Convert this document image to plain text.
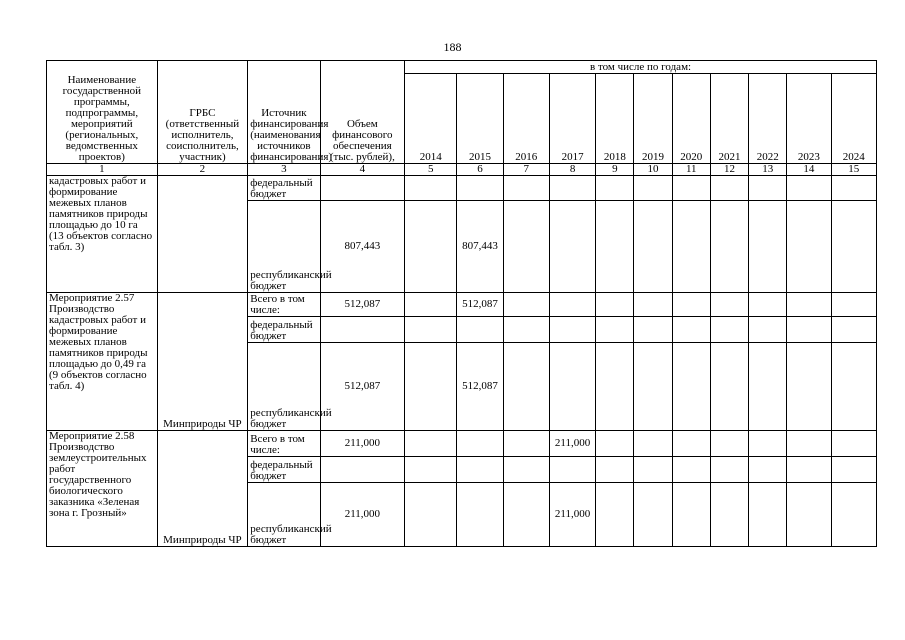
188
Наименование государственной программы, подпрограммы, мероприятий (региональных, ведомственных проектов)	ГРБС (ответственный исполнитель, соисполнитель, участник)	Источник финансирования (наименования источников финансирования)	Объем финансового обеспечения (тыс. рублей),	в том числе по годам:										
				2014	2015	2016	2017	2018	2019	2020	2021	2022	2023	2024
1	2	3	4	5	6	7	8	9	10	11	12	13	14	15
кадастровых работ и формирование межевых планов памятников природы площадью до 10 га (13 объектов согласно табл. 3)		федеральный бюджет												
		республиканский бюджет	807,443		807,443									
Мероприятие 2.57 Производство кадастровых работ и формирование межевых планов памятников природы площадью до 0,49 га (9 объектов согласно табл. 4)	Минприроды ЧР	Всего в том числе:	512,087		512,087									
		федеральный бюджет												
		республиканский бюджет	512,087		512,087									
Мероприятие 2.58 Производство землеустроительных работ государственного биологического заказника «Зеленая зона г. Грозный»	Минприроды ЧР	Всего в том числе:	211,000				211,000							
		федеральный бюджет												
		республиканский бюджет	211,000				211,000							
